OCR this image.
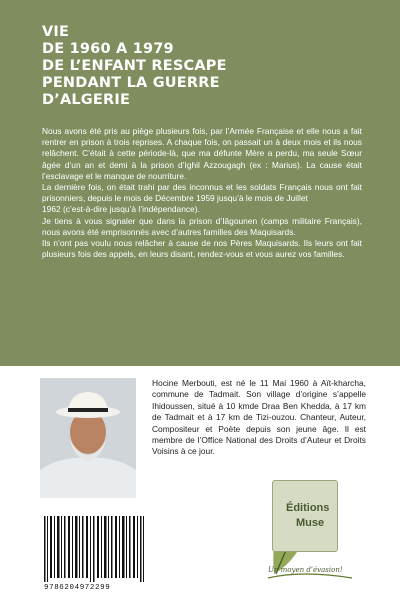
VIE
DE 1960 A 1979
DE L’ENFANT RESCAPE
PENDANT LA GUERRE
D’ALGERIE

Nous avons été pris au piège plusieurs fois, par l’Armée Française et elle nous a fait rentrer en prison à trois reprises. A chaque fois, on passait un à deux mois et ils nous relâchent. C’était à cette période-là, que ma défunte Mère a perdu, ma seule Sœur âgée d’un an et demi à la prison d’Ighil Azzougagh (ex : Marius). La cause était l’esclavage et le manque de nourriture.

La dernière fois, on était trahi par des inconnus et les soldats Français nous ont fait prisonniers, depuis le mois de Décembre 1959 jusqu’à le mois de Juillet

1962 (c’est-à-dire jusqu’à l’indépendance).

Je tiens à vous signaler que dans la prison d’Iâgounen (camps militaire Français), nous avons été emprisonnés avec d’autres familles des Maquisards.

Ils n’ont pas voulu nous relâcher à cause de nos Pères Maquisards. Ils leurs ont fait plusieurs fois des appels, en leurs disant, rendez-vous et vous aurez vos familles.

Hocine Merbouti, est né le 11 Mai 1960 à Aït-kharcha, commune de Tadmait. Son village d’origine s’appelle Ihidoussen, situé à 10 kmde Draa Ben Khedda, à 17 km de Tadmait et à 17 km de Tizi-ouzou. Chanteur, Auteur, Compositeur et Poète depuis son jeune âge. Il est membre de l’Office National des Droits d’Auteur et Droits Voisins à ce jour.
9786204972299
Éditions
Muse
Un moyen d’évasion!
